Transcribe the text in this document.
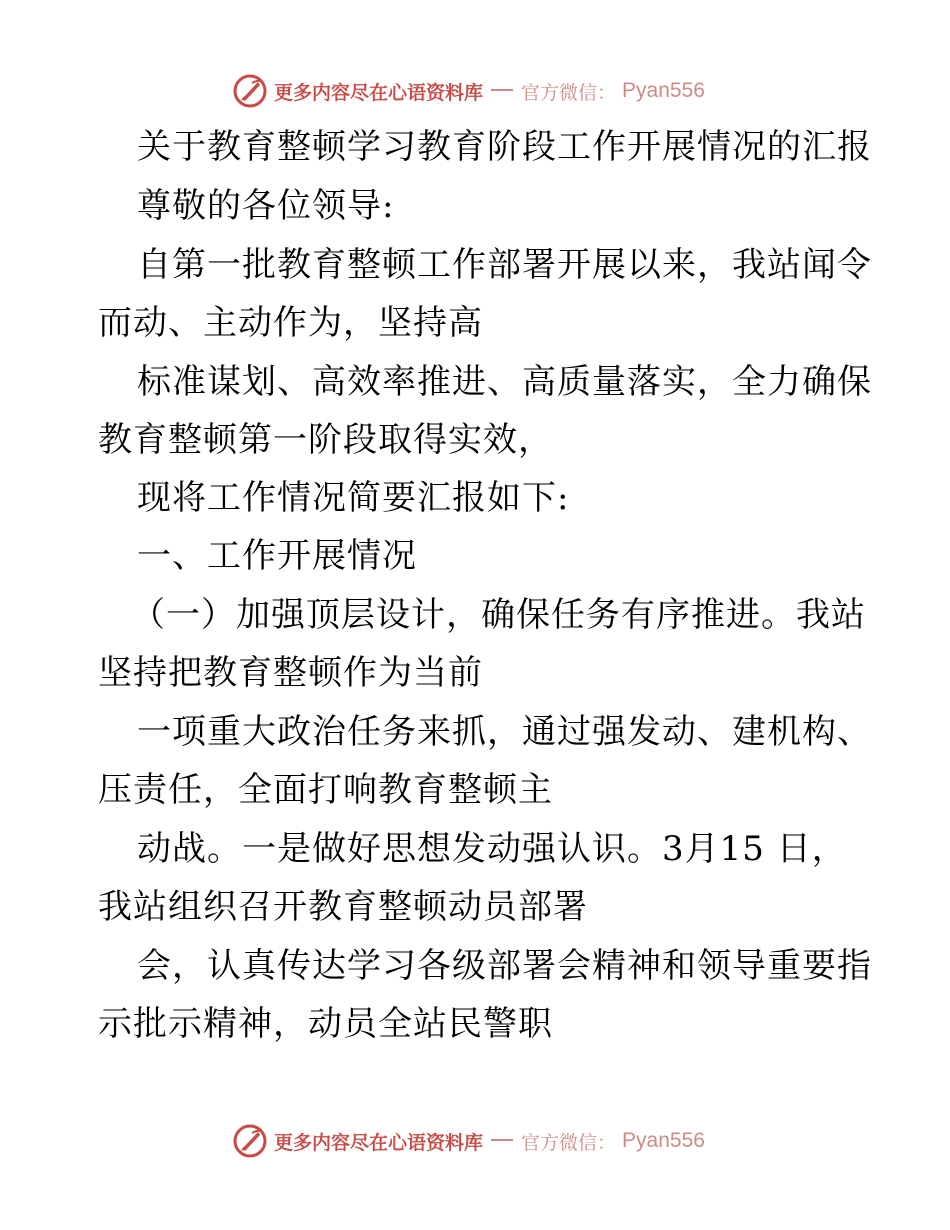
更多内容尽在心语资料库 官方微信： Pyan556

关于教育整顿学习教育阶段工作开展情况的汇报

尊敬的各位领导:

自第一批教育整顿工作部署开展以来，我站闻令

而动、主动作为，坚持高

标准谋划、高效率推进、高质量落实，全力确保

教育整顿第一阶段取得实效，

现将工作情况简要汇报如下:

一、工作开展情况

（一）加强顶层设计，确保任务有序推进。我站

坚持把教育整顿作为当前

一项重大政治任务来抓，通过强发动、建机构、

压责任，全面打响教育整顿主

动战。一是做好思想发动强认识。3月15 日，

我站组织召开教育整顿动员部署

会，认真传达学习各级部署会精神和领导重要指

示批示精神，动员全站民警职

更多内容尽在心语资料库 官方微信： Pyan556
